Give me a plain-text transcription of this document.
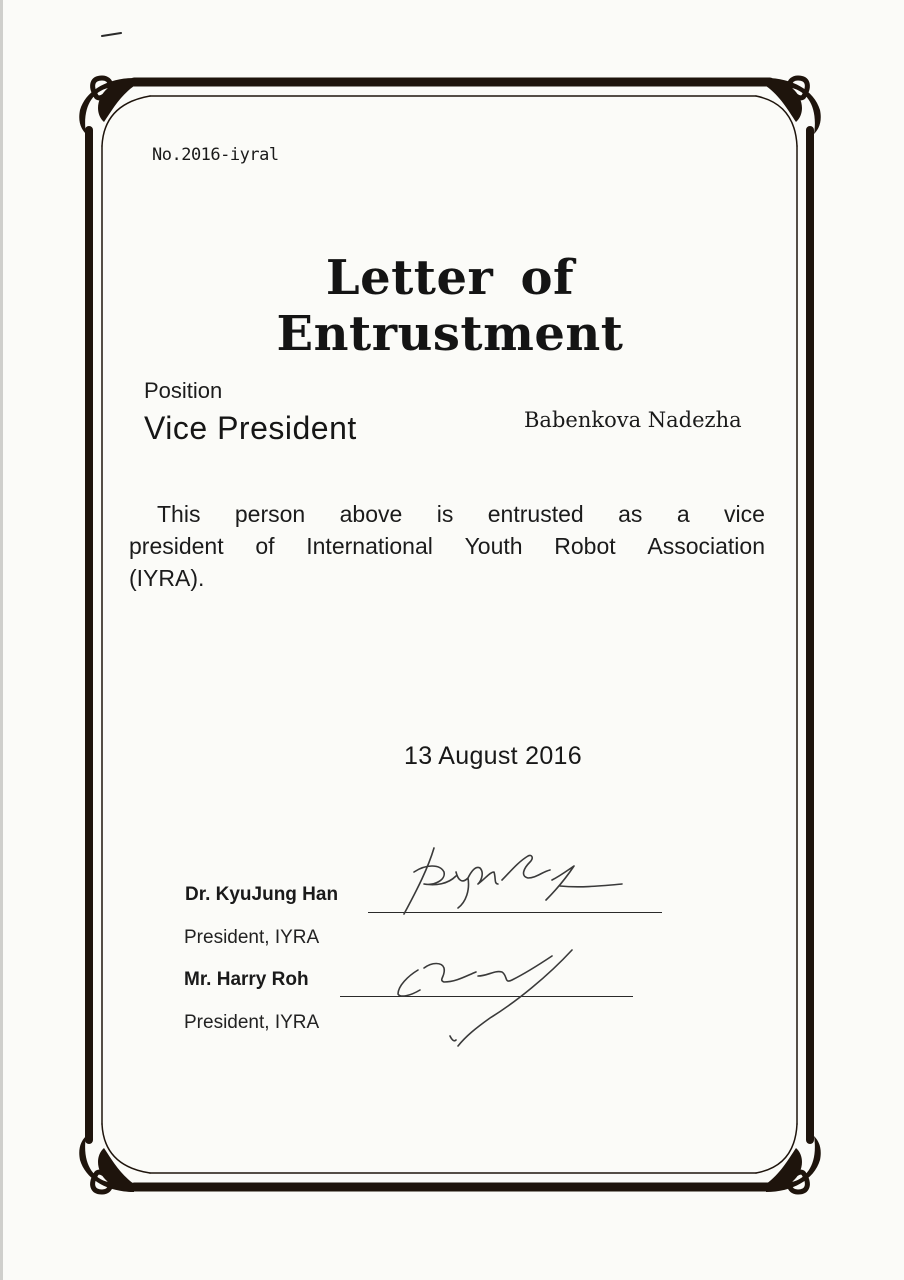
No.2016-iyral
Letter of Entrustment
Position
Vice President	Babenkova Nadezha
This person above is entrusted as a vice
president of International Youth Robot Association
(IYRA).
13 August 2016
Dr. KyuJung Han
President, IYRA
Mr. Harry Roh
President, IYRA
